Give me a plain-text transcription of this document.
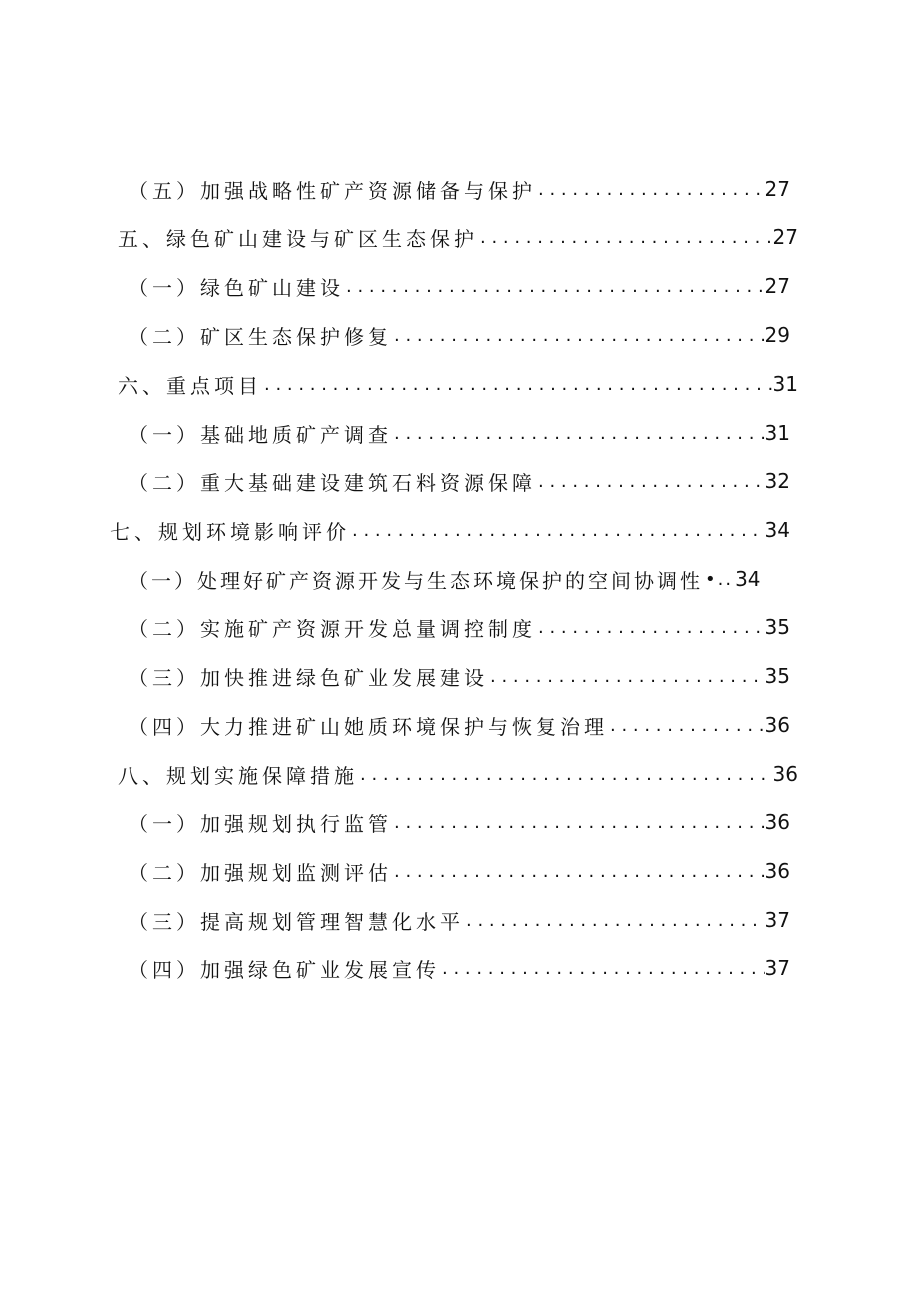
（五）加强战略性矿产资源储备与保护 . . .	27
五、绿色矿山建设与矿区生态保护 . . .	27
（一）绿色矿山建设 . . .	27
（二）矿区生态保护修复 . . .	29
六、重点项目 . . .	31
（一）基础地质矿产调查 . . .	31
（二）重大基础建设建筑石料资源保障 . . .	32
七、规划环境影响评价 . . .	34
（一）处理好矿产资源开发与生态环境保护的空间协调性 •.. 34
（二）实施矿产资源开发总量调控制度 . . .	35
（三）加快推进绿色矿业发展建设 . . .	35
（四）大力推进矿山她质环境保护与恢复治理 . . .	36
八、规划实施保障措施 . . .	36
（一）加强规划执行监管 . . .	36
（二）加强规划监测评估 . . .	36
（三）提高规划管理智慧化水平 . . .	37
（四）加强绿色矿业发展宣传 . . .	37
